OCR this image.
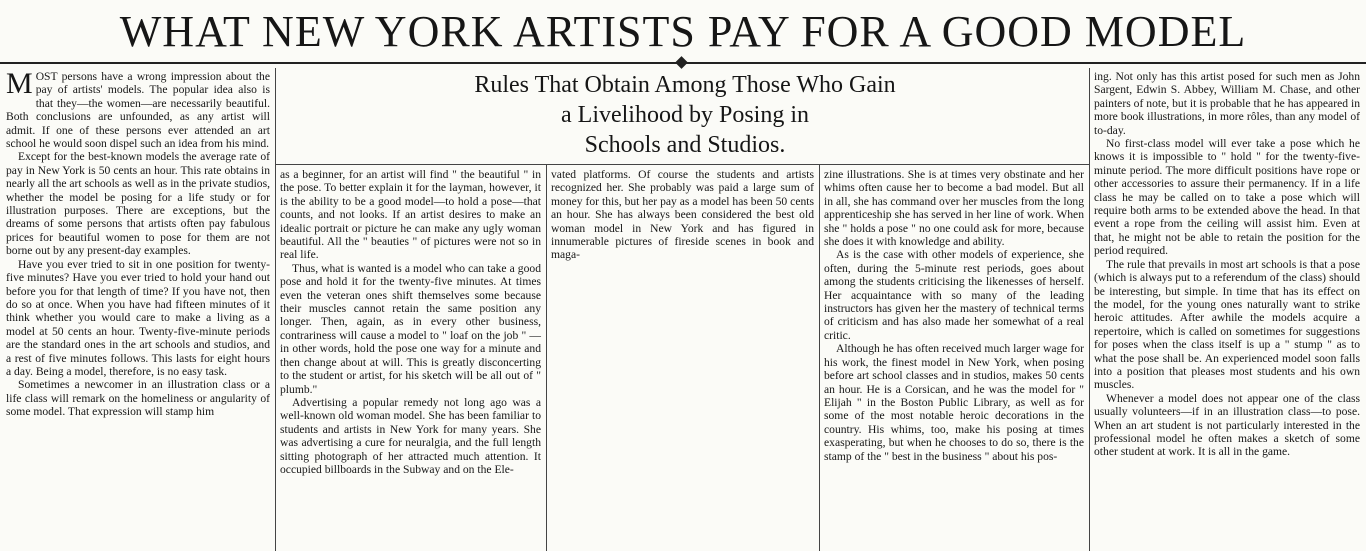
WHAT NEW YORK ARTISTS PAY FOR A GOOD MODEL
Rules That Obtain Among Those Who Gain
a Livelihood by Posing in
Schools and Studios.

MOST persons have a wrong impression about the pay of artists' models. The popular idea also is that they—the women—are necessarily beautiful. Both conclusions are unfounded, as any artist will admit. If one of these persons ever attended an art school he would soon dispel such an idea from his mind.

Except for the best-known models the average rate of pay in New York is 50 cents an hour. This rate obtains in nearly all the art schools as well as in the private studios, whether the model be posing for a life study or for illustration purposes. There are exceptions, but the dreams of some persons that artists often pay fabulous prices for beautiful women to pose for them are not borne out by any present-day examples.

Have you ever tried to sit in one position for twenty-five minutes? Have you ever tried to hold your hand out before you for that length of time? If you have not, then do so at once. When you have had fifteen minutes of it think whether you would care to make a living as a model at 50 cents an hour. Twenty-five-minute periods are the standard ones in the art schools and studios, and a rest of five minutes follows. This lasts for eight hours a day. Being a model, therefore, is no easy task.

Sometimes a newcomer in an illustration class or a life class will remark on the homeliness or angularity of some model. That expression will stamp him

as a beginner, for an artist will find " the beautiful " in the pose. To better explain it for the layman, however, it is the ability to be a good model—to hold a pose—that counts, and not looks. If an artist desires to make an idealic portrait or picture he can make any ugly woman beautiful. All the " beauties " of pictures were not so in real life.

Thus, what is wanted is a model who can take a good pose and hold it for the twenty-five minutes. At times even the veteran ones shift themselves some because their muscles cannot retain the same position any longer. Then, again, as in every other business, contrariness will cause a model to " loaf on the job " —in other words, hold the pose one way for a minute and then change about at will. This is greatly disconcerting to the student or artist, for his sketch will be all out of " plumb."

Advertising a popular remedy not long ago was a well-known old woman model. She has been familiar to students and artists in New York for many years. She was advertising a cure for neuralgia, and the full length sitting photograph of her attracted much attention. It occupied billboards in the Subway and on the Ele-

vated platforms. Of course the students and artists recognized her. She probably was paid a large sum of money for this, but her pay as a model has been 50 cents an hour. She has always been considered the best old woman model in New York and has figured in innumerable pictures of fireside scenes in book and maga-

zine illustrations. She is at times very obstinate and her whims often cause her to become a bad model. But all in all, she has command over her muscles from the long apprenticeship she has served in her line of work. When she " holds a pose " no one could ask for more, because she does it with knowledge and ability.

As is the case with other models of experience, she often, during the 5-minute rest periods, goes about among the students criticising the likenesses of herself. Her acquaintance with so many of the leading instructors has given her the mastery of technical terms of criticism and has also made her somewhat of a real critic.

Although he has often received much larger wage for his work, the finest model in New York, when posing before art school classes and in studios, makes 50 cents an hour. He is a Corsican, and he was the model for " Elijah " in the Boston Public Library, as well as for some of the most notable heroic decorations in the country. His whims, too, make his posing at times exasperating, but when he chooses to do so, there is the stamp of the " best in the business " about his pos-

ing. Not only has this artist posed for such men as John Sargent, Edwin S. Abbey, William M. Chase, and other painters of note, but it is probable that he has appeared in more book illustrations, in more rôles, than any model of to-day.

No first-class model will ever take a pose which he knows it is impossible to " hold " for the twenty-five-minute period. The more difficult positions have rope or other accessories to assure their permanency. If in a life class he may be called on to take a pose which will require both arms to be extended above the head. In that event a rope from the ceiling will assist him. Even at that, he might not be able to retain the position for the period required.

The rule that prevails in most art schools is that a pose (which is always put to a referendum of the class) should be interesting, but simple. In time that has its effect on the model, for the young ones naturally want to strike heroic attitudes. After awhile the models acquire a repertoire, which is called on sometimes for suggestions for poses when the class itself is up a " stump " as to what the pose shall be. An experienced model soon falls into a position that pleases most students and his own muscles.

Whenever a model does not appear one of the class usually volunteers—if in an illustration class—to pose. When an art student is not particularly interested in the professional model he often makes a sketch of some other student at work. It is all in the game.
